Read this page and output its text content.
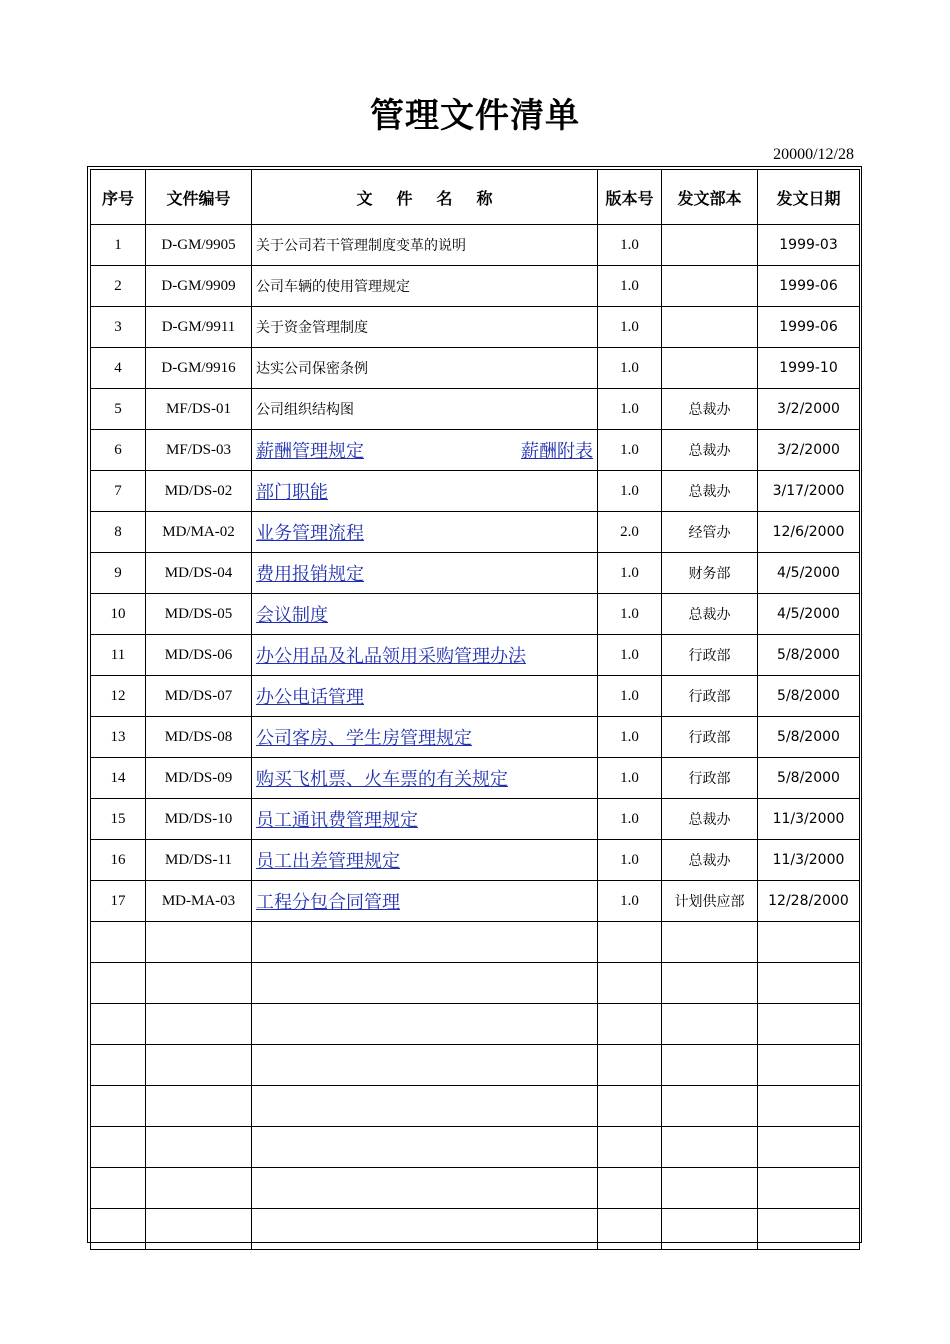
管理文件清单
20000/12/28
序号	文件编号	文 件 名 称	版本号	发文部本	发文日期
1	D-GM/9905	关于公司若干管理制度变革的说明	1.0		1999-03
2	D-GM/9909	公司车辆的使用管理规定	1.0		1999-06
3	D-GM/9911	关于资金管理制度	1.0		1999-06
4	D-GM/9916	达实公司保密条例	1.0		1999-10
5	MF/DS-01	公司组织结构图	1.0	总裁办	3/2/2000
6	MF/DS-03	薪酬管理规定 薪酬附表	1.0	总裁办	3/2/2000
7	MD/DS-02	部门职能	1.0	总裁办	3/17/2000
8	MD/MA-02	业务管理流程	2.0	经管办	12/6/2000
9	MD/DS-04	费用报销规定	1.0	财务部	4/5/2000
10	MD/DS-05	会议制度	1.0	总裁办	4/5/2000
11	MD/DS-06	办公用品及礼品领用采购管理办法	1.0	行政部	5/8/2000
12	MD/DS-07	办公电话管理	1.0	行政部	5/8/2000
13	MD/DS-08	公司客房、学生房管理规定	1.0	行政部	5/8/2000
14	MD/DS-09	购买飞机票、火车票的有关规定	1.0	行政部	5/8/2000
15	MD/DS-10	员工通讯费管理规定	1.0	总裁办	11/3/2000
16	MD/DS-11	员工出差管理规定	1.0	总裁办	11/3/2000
17	MD-MA-03	工程分包合同管理	1.0	计划供应部	12/28/2000
